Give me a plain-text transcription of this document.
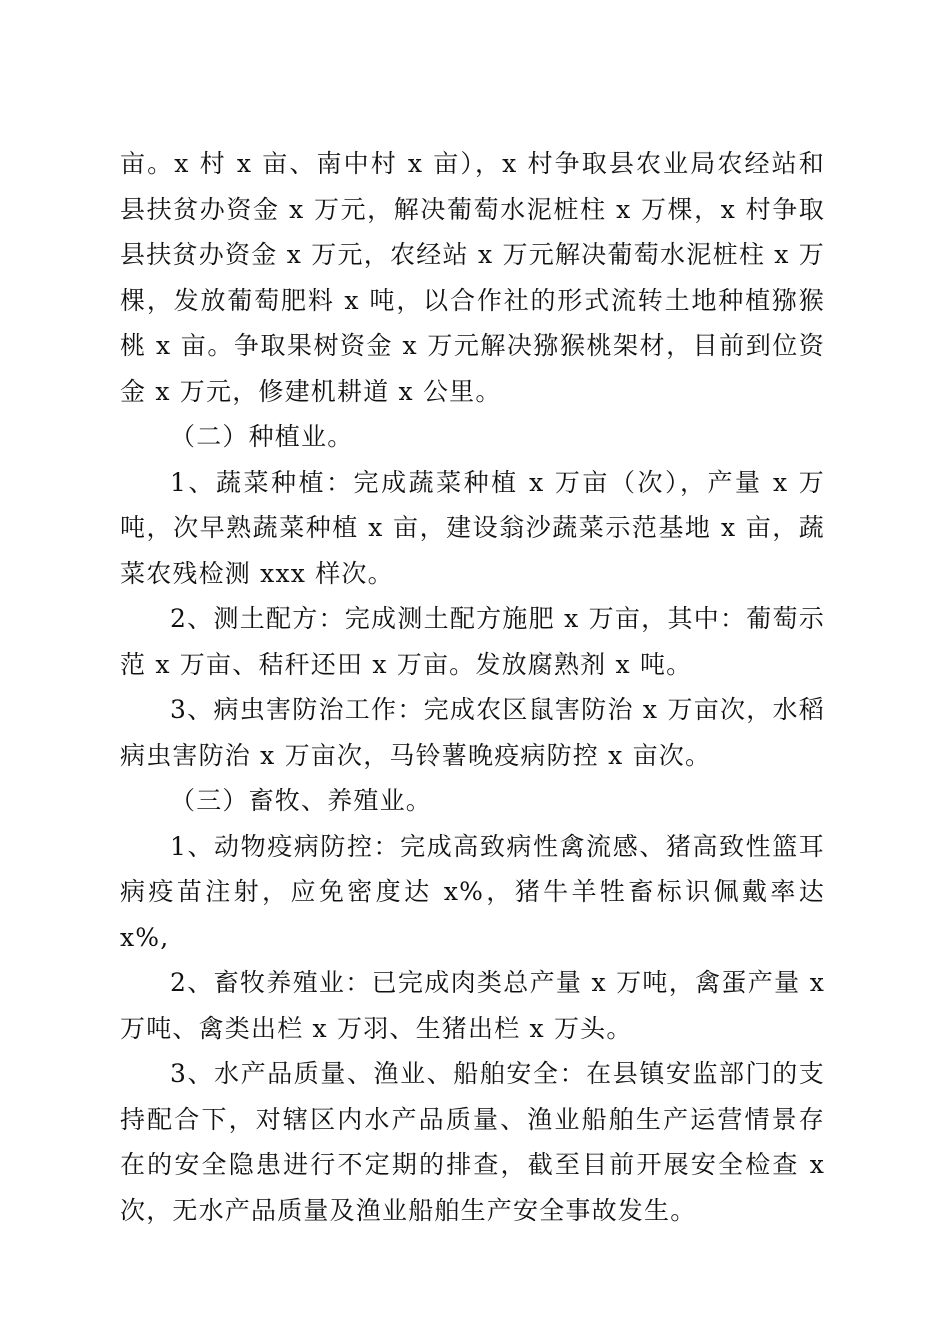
亩。x 村 x 亩、南中村 x 亩），x 村争取县农业局农经站和县扶贫办资金 x 万元，解决葡萄水泥桩柱 x 万棵，x 村争取县扶贫办资金 x 万元，农经站 x 万元解决葡萄水泥桩柱 x 万棵，发放葡萄肥料 x 吨，以合作社的形式流转土地种植猕猴桃 x 亩。争取果树资金 x 万元解决猕猴桃架材，目前到位资金 x 万元，修建机耕道 x 公里。

（二）种植业。

1、蔬菜种植：完成蔬菜种植 x 万亩（次），产量 x 万吨，次早熟蔬菜种植 x 亩，建设翁沙蔬菜示范基地 x 亩，蔬菜农残检测 xxx 样次。

2、测土配方：完成测土配方施肥 x 万亩，其中：葡萄示范 x 万亩、秸秆还田 x 万亩。发放腐熟剂 x 吨。

3、病虫害防治工作：完成农区鼠害防治 x 万亩次，水稻病虫害防治 x 万亩次，马铃薯晚疫病防控 x 亩次。

（三）畜牧、养殖业。

1、动物疫病防控：完成高致病性禽流感、猪高致性篮耳病疫苗注射，应免密度达 x%，猪牛羊牲畜标识佩戴率达 x%,

2、畜牧养殖业：已完成肉类总产量 x 万吨，禽蛋产量 x 万吨、禽类出栏 x 万羽、生猪出栏 x 万头。

3、水产品质量、渔业、船舶安全：在县镇安监部门的支持配合下，对辖区内水产品质量、渔业船舶生产运营情景存在的安全隐患进行不定期的排查，截至目前开展安全检查 x 次，无水产品质量及渔业船舶生产安全事故发生。
